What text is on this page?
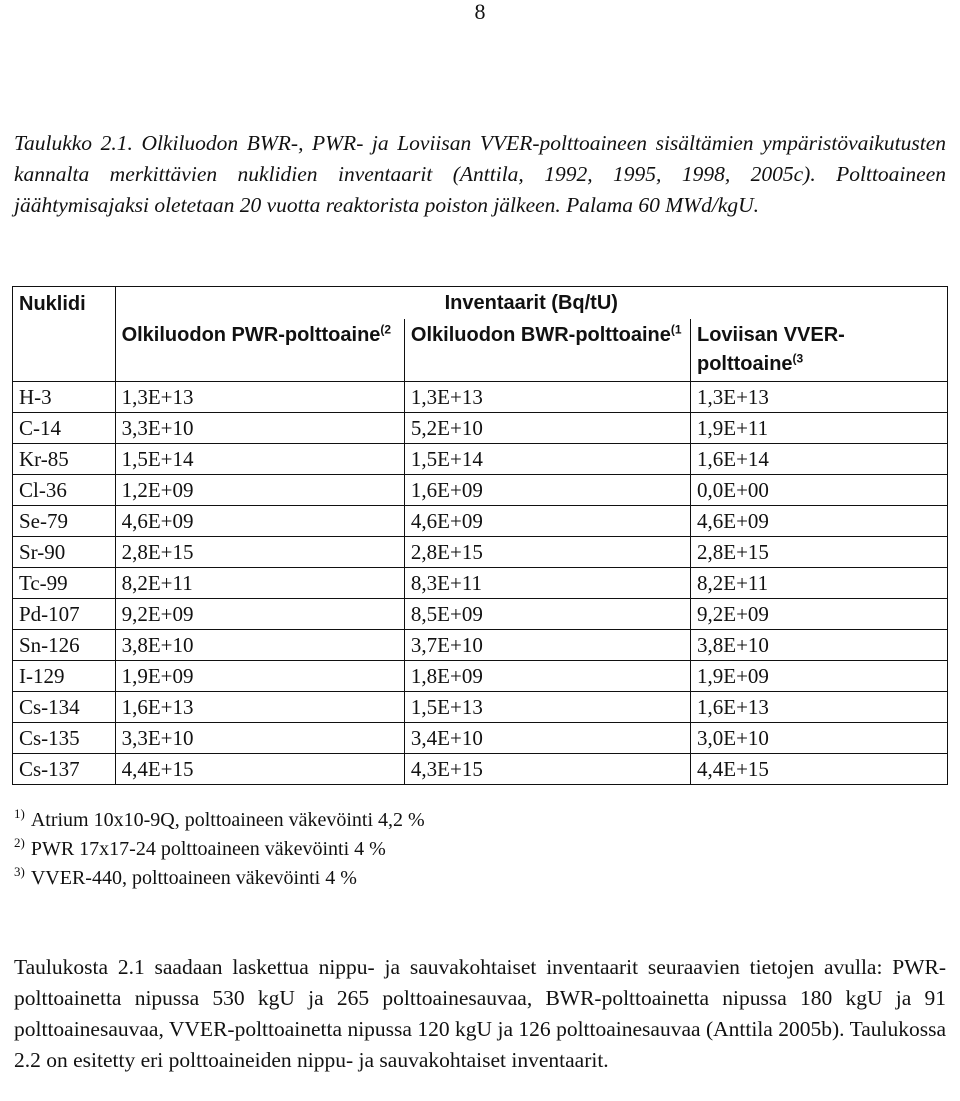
8
Taulukko 2.1. Olkiluodon BWR-, PWR- ja Loviisan VVER-polttoaineen sisältämien ympäristövaikutusten kannalta merkittävien nuklidien inventaarit (Anttila, 1992, 1995, 1998, 2005c). Polttoaineen jäähtymisajaksi oletetaan 20 vuotta reaktorista poiston jälkeen. Palama 60 MWd/kgU.
Nuklidi	Inventaarit (Bq/tU)		
	Olkiluodon PWR-polttoaine$^{(2}$	Olkiluodon BWR-polttoaine$^{(1}$	Loviisan VVER-polttoaine$^{(3}$
H-3	1,3E+13	1,3E+13	1,3E+13
C-14	3,3E+10	5,2E+10	1,9E+11
Kr-85	1,5E+14	1,5E+14	1,6E+14
Cl-36	1,2E+09	1,6E+09	0,0E+00
Se-79	4,6E+09	4,6E+09	4,6E+09
Sr-90	2,8E+15	2,8E+15	2,8E+15
Tc-99	8,2E+11	8,3E+11	8,2E+11
Pd-107	9,2E+09	8,5E+09	9,2E+09
Sn-126	3,8E+10	3,7E+10	3,8E+10
I-129	1,9E+09	1,8E+09	1,9E+09
Cs-134	1,6E+13	1,5E+13	1,6E+13
Cs-135	3,3E+10	3,4E+10	3,0E+10
Cs-137	4,4E+15	4,3E+15	4,4E+15
$^{1)}$ Atrium 10x10-9Q, polttoaineen väkevöinti 4,2 %
$^{2)}$ PWR 17x17-24 polttoaineen väkevöinti 4 %
$^{3)}$ VVER-440, polttoaineen väkevöinti 4 %
Taulukosta 2.1 saadaan laskettua nippu- ja sauvakohtaiset inventaarit seuraavien tietojen avulla: PWR-polttoainetta nipussa 530 kgU ja 265 polttoainesauvaa, BWR-polttoainetta nipussa 180 kgU ja 91 polttoainesauvaa, VVER-polttoainetta nipussa 120 kgU ja 126 polttoainesauvaa (Anttila 2005b). Taulukossa 2.2 on esitetty eri polttoaineiden nippu- ja sauvakohtaiset inventaarit.
